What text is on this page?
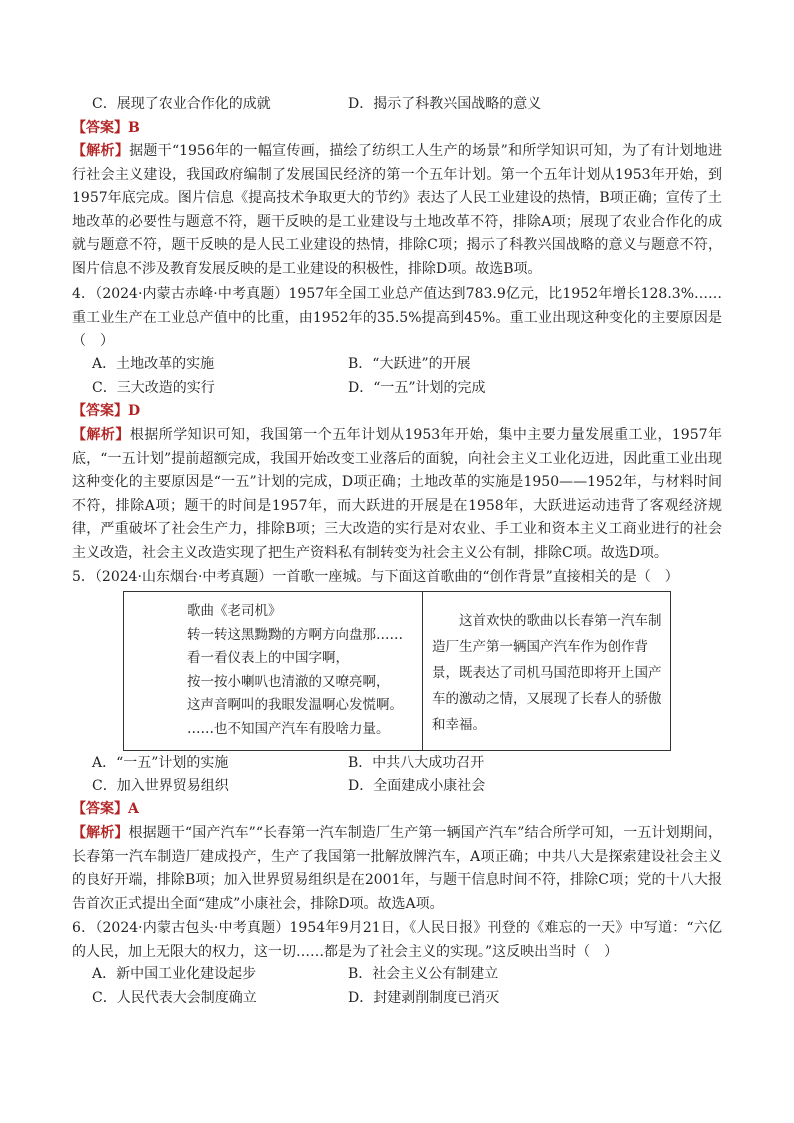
C．展现了农业合作化的成就	D．揭示了科教兴国战略的意义
【答案】B
【解析】据题干“1956年的一幅宣传画，描绘了纺织工人生产的场景”和所学知识可知，为了有计划地进行社会主义建设，我国政府编制了发展国民经济的第一个五年计划。第一个五年计划从1953年开始，到1957年底完成。图片信息《提高技术争取更大的节约》表达了人民工业建设的热情，B项正确；宣传了土地改革的必要性与题意不符，题干反映的是工业建设与土地改革不符，排除A项；展现了农业合作化的成就与题意不符，题干反映的是人民工业建设的热情，排除C项；揭示了科教兴国战略的意义与题意不符，图片信息不涉及教育发展反映的是工业建设的积极性，排除D项。故选B项。
4．（2024·内蒙古赤峰·中考真题）1957年全国工业总产值达到783.9亿元，比1952年增长128.3%……重工业生产在工业总产值中的比重，由1952年的35.5%提高到45%。重工业出现这种变化的主要原因是（　）
A．土地改革的实施	B．“大跃进”的开展
C．三大改造的实行	D．“一五”计划的完成
【答案】D
【解析】根据所学知识可知，我国第一个五年计划从1953年开始，集中主要力量发展重工业，1957年底，“一五计划”提前超额完成，我国开始改变工业落后的面貌，向社会主义工业化迈进，因此重工业出现这种变化的主要原因是“一五”计划的完成，D项正确；土地改革的实施是1950——1952年，与材料时间不符，排除A项；题干的时间是1957年，而大跃进的开展是在1958年，大跃进运动违背了客观经济规律，严重破坏了社会生产力，排除B项；三大改造的实行是对农业、手工业和资本主义工商业进行的社会主义改造，社会主义改造实现了把生产资料私有制转变为社会主义公有制，排除C项。故选D项。
5．（2024·山东烟台·中考真题）一首歌一座城。与下面这首歌曲的“创作背景”直接相关的是（　）
歌曲《老司机》
转一转这黑黝黝的方啊方向盘那……
看一看仪表上的中国字啊，
按一按小喇叭也清澈的又嘹亮啊，
这声音啊叫的我眼发温啊心发慌啊。
……也不知国产汽车有股啥力量。
这首欢快的歌曲以长春第一汽车制造厂生产第一辆国产汽车作为创作背景，既表达了司机马国范即将开上国产车的激动之情，又展现了长春人的骄傲和幸福。
A．“一五”计划的实施	B．中共八大成功召开
C．加入世界贸易组织	D．全面建成小康社会
【答案】A
【解析】根据题干“国产汽车”“长春第一汽车制造厂生产第一辆国产汽车”结合所学可知，一五计划期间，长春第一汽车制造厂建成投产，生产了我国第一批解放牌汽车，A项正确；中共八大是探索建设社会主义的良好开端，排除B项；加入世界贸易组织是在2001年，与题干信息时间不符，排除C项；党的十八大报告首次正式提出全面“建成”小康社会，排除D项。故选A项。
6．（2024·内蒙古包头·中考真题）1954年9月21日，《人民日报》刊登的《难忘的一天》中写道：“六亿的人民，加上无限大的权力，这一切……都是为了社会主义的实现。”这反映出当时（　）
A．新中国工业化建设起步	B．社会主义公有制建立
C．人民代表大会制度确立	D．封建剥削制度已消灭
